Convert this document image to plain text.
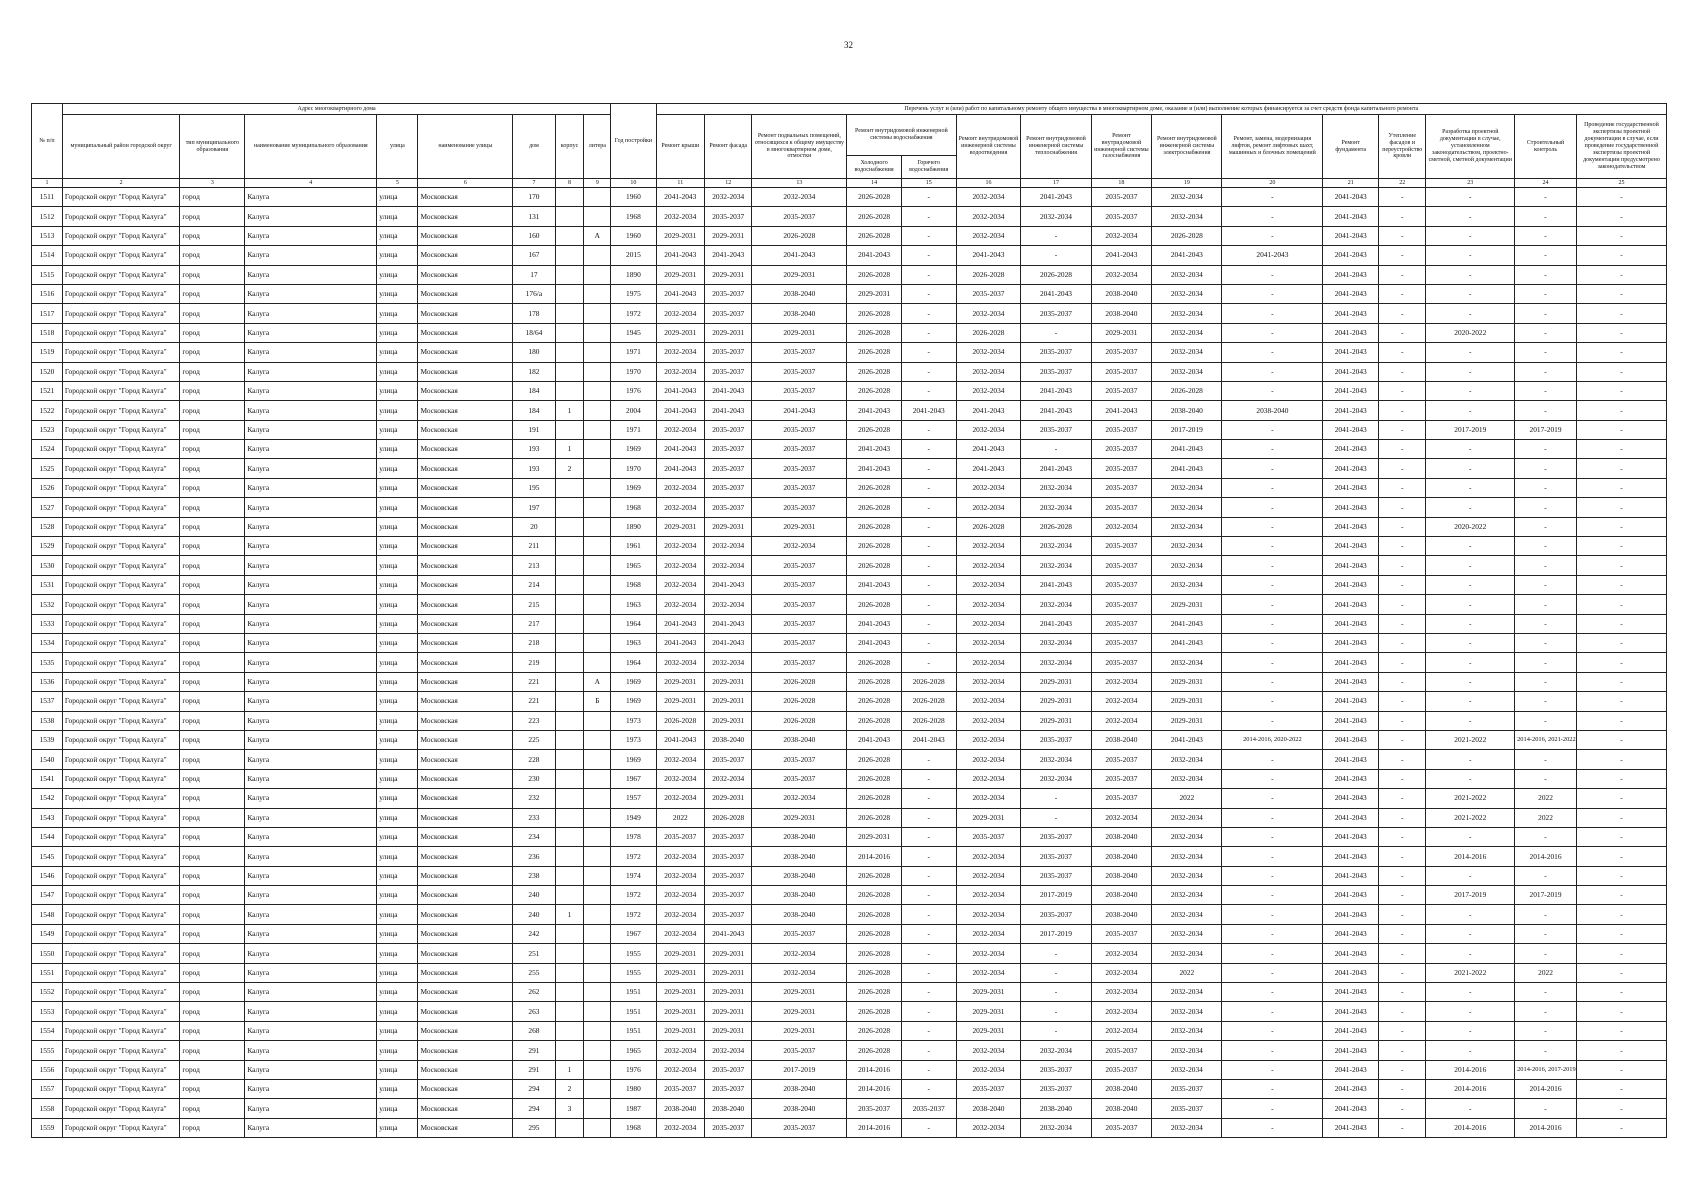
32
№ п/п	Адрес многоквартирного дома								Год постройки	Перечень услуг и (или) работ по капитальному ремонту общего имущества в многоквартирном доме, оказание и (или) выполнение которых финансируется за счет средств фонда капитального ремонта														
	муниципальный район городской округ	тип муниципального образования	наименование муниципального образования	улица	наименование улицы	дом	корпус	литера		Ремонт крыши	Ремонт фасада	Ремонт подвальных помещений, относящихся к общему имуществу в многоквартирном доме, отмостки	Ремонт внутридомовой инженерной системы водоснабжения		Ремонт внутридомовой инженерной системы водоотведения	Ремонт внутридомовой инженерной системы теплоснабжения	Ремонт внутридомовой инженерной системы газоснабжения	Ремонт внутридомовой инженерной системы электроснабжения	Ремонт, замена, модернизация лифтов, ремонт лифтовых шахт, машинных и блочных помещений	Ремонт фундамента	Утепление фасадов и переустройство кровли	Разработка проектной документации в случае, установленном законодательством, проектно-сметной, сметной документации	Строительный контроль	Проведение государственной экспертизы проектной документации в случае, если проведение государственной экспертизы проектной документации предусмотрено законодательством
													Холодного водоснабжения	Горячего водоснабжения										
1	2	3	4	5	6	7	8	9	10	11	12	13	14	15	16	17	18	19	20	21	22	23	24	25
1511	Городской округ "Город Калуга"	город	Калуга	улица	Московская	170			1960	2041-2043	2032-2034	2032-2034	2026-2028	-	2032-2034	2041-2043	2035-2037	2032-2034	-	2041-2043	-	-	-	-
1512	Городской округ "Город Калуга"	город	Калуга	улица	Московская	131			1968	2032-2034	2035-2037	2035-2037	2026-2028	-	2032-2034	2032-2034	2035-2037	2032-2034	-	2041-2043	-	-	-	-
1513	Городской округ "Город Калуга"	город	Калуга	улица	Московская	160		А	1960	2029-2031	2029-2031	2026-2028	2026-2028	-	2032-2034	-	2032-2034	2026-2028	-	2041-2043	-	-	-	-
1514	Городской округ "Город Калуга"	город	Калуга	улица	Московская	167			2015	2041-2043	2041-2043	2041-2043	2041-2043	-	2041-2043	-	2041-2043	2041-2043	2041-2043	2041-2043	-	-	-	-
1515	Городской округ "Город Калуга"	город	Калуга	улица	Московская	17			1890	2029-2031	2029-2031	2029-2031	2026-2028	-	2026-2028	2026-2028	2032-2034	2032-2034	-	2041-2043	-	-	-	-
1516	Городской округ "Город Калуга"	город	Калуга	улица	Московская	176/а			1975	2041-2043	2035-2037	2038-2040	2029-2031	-	2035-2037	2041-2043	2038-2040	2032-2034	-	2041-2043	-	-	-	-
1517	Городской округ "Город Калуга"	город	Калуга	улица	Московская	178			1972	2032-2034	2035-2037	2038-2040	2026-2028	-	2032-2034	2035-2037	2038-2040	2032-2034	-	2041-2043	-	-	-	-
1518	Городской округ "Город Калуга"	город	Калуга	улица	Московская	18/64			1945	2029-2031	2029-2031	2029-2031	2026-2028	-	2026-2028	-	2029-2031	2032-2034	-	2041-2043	-	2020-2022	-	-
1519	Городской округ "Город Калуга"	город	Калуга	улица	Московская	180			1971	2032-2034	2035-2037	2035-2037	2026-2028	-	2032-2034	2035-2037	2035-2037	2032-2034	-	2041-2043	-	-	-	-
1520	Городской округ "Город Калуга"	город	Калуга	улица	Московская	182			1970	2032-2034	2035-2037	2035-2037	2026-2028	-	2032-2034	2035-2037	2035-2037	2032-2034	-	2041-2043	-	-	-	-
1521	Городской округ "Город Калуга"	город	Калуга	улица	Московская	184			1976	2041-2043	2041-2043	2035-2037	2026-2028	-	2032-2034	2041-2043	2035-2037	2026-2028	-	2041-2043	-	-	-	-
1522	Городской округ "Город Калуга"	город	Калуга	улица	Московская	184	1		2004	2041-2043	2041-2043	2041-2043	2041-2043	2041-2043	2041-2043	2041-2043	2041-2043	2038-2040	2038-2040	2041-2043	-	-	-	-
1523	Городской округ "Город Калуга"	город	Калуга	улица	Московская	191			1971	2032-2034	2035-2037	2035-2037	2026-2028	-	2032-2034	2035-2037	2035-2037	2017-2019	-	2041-2043	-	2017-2019	2017-2019	-
1524	Городской округ "Город Калуга"	город	Калуга	улица	Московская	193	1		1969	2041-2043	2035-2037	2035-2037	2041-2043	-	2041-2043	-	2035-2037	2041-2043	-	2041-2043	-	-	-	-
1525	Городской округ "Город Калуга"	город	Калуга	улица	Московская	193	2		1970	2041-2043	2035-2037	2035-2037	2041-2043	-	2041-2043	2041-2043	2035-2037	2041-2043	-	2041-2043	-	-	-	-
1526	Городской округ "Город Калуга"	город	Калуга	улица	Московская	195			1969	2032-2034	2035-2037	2035-2037	2026-2028	-	2032-2034	2032-2034	2035-2037	2032-2034	-	2041-2043	-	-	-	-
1527	Городской округ "Город Калуга"	город	Калуга	улица	Московская	197			1968	2032-2034	2035-2037	2035-2037	2026-2028	-	2032-2034	2032-2034	2035-2037	2032-2034	-	2041-2043	-	-	-	-
1528	Городской округ "Город Калуга"	город	Калуга	улица	Московская	20			1890	2029-2031	2029-2031	2029-2031	2026-2028	-	2026-2028	2026-2028	2032-2034	2032-2034	-	2041-2043	-	2020-2022	-	-
1529	Городской округ "Город Калуга"	город	Калуга	улица	Московская	211			1961	2032-2034	2032-2034	2032-2034	2026-2028	-	2032-2034	2032-2034	2035-2037	2032-2034	-	2041-2043	-	-	-	-
1530	Городской округ "Город Калуга"	город	Калуга	улица	Московская	213			1965	2032-2034	2032-2034	2035-2037	2026-2028	-	2032-2034	2032-2034	2035-2037	2032-2034	-	2041-2043	-	-	-	-
1531	Городской округ "Город Калуга"	город	Калуга	улица	Московская	214			1968	2032-2034	2041-2043	2035-2037	2041-2043	-	2032-2034	2041-2043	2035-2037	2032-2034	-	2041-2043	-	-	-	-
1532	Городской округ "Город Калуга"	город	Калуга	улица	Московская	215			1963	2032-2034	2032-2034	2035-2037	2026-2028	-	2032-2034	2032-2034	2035-2037	2029-2031	-	2041-2043	-	-	-	-
1533	Городской округ "Город Калуга"	город	Калуга	улица	Московская	217			1964	2041-2043	2041-2043	2035-2037	2041-2043	-	2032-2034	2041-2043	2035-2037	2041-2043	-	2041-2043	-	-	-	-
1534	Городской округ "Город Калуга"	город	Калуга	улица	Московская	218			1963	2041-2043	2041-2043	2035-2037	2041-2043	-	2032-2034	2032-2034	2035-2037	2041-2043	-	2041-2043	-	-	-	-
1535	Городской округ "Город Калуга"	город	Калуга	улица	Московская	219			1964	2032-2034	2032-2034	2035-2037	2026-2028	-	2032-2034	2032-2034	2035-2037	2032-2034	-	2041-2043	-	-	-	-
1536	Городской округ "Город Калуга"	город	Калуга	улица	Московская	221		А	1969	2029-2031	2029-2031	2026-2028	2026-2028	2026-2028	2032-2034	2029-2031	2032-2034	2029-2031	-	2041-2043	-	-	-	-
1537	Городской округ "Город Калуга"	город	Калуга	улица	Московская	221		Б	1969	2029-2031	2029-2031	2026-2028	2026-2028	2026-2028	2032-2034	2029-2031	2032-2034	2029-2031	-	2041-2043	-	-	-	-
1538	Городской округ "Город Калуга"	город	Калуга	улица	Московская	223			1973	2026-2028	2029-2031	2026-2028	2026-2028	2026-2028	2032-2034	2029-2031	2032-2034	2029-2031	-	2041-2043	-	-	-	-
1539	Городской округ "Город Калуга"	город	Калуга	улица	Московская	225			1973	2041-2043	2038-2040	2038-2040	2041-2043	2041-2043	2032-2034	2035-2037	2038-2040	2041-2043	2014-2016, 2020-2022	2041-2043	-	2021-2022	2014-2016, 2021-2022	-
1540	Городской округ "Город Калуга"	город	Калуга	улица	Московская	228			1969	2032-2034	2035-2037	2035-2037	2026-2028	-	2032-2034	2032-2034	2035-2037	2032-2034	-	2041-2043	-	-	-	-
1541	Городской округ "Город Калуга"	город	Калуга	улица	Московская	230			1967	2032-2034	2032-2034	2035-2037	2026-2028	-	2032-2034	2032-2034	2035-2037	2032-2034	-	2041-2043	-	-	-	-
1542	Городской округ "Город Калуга"	город	Калуга	улица	Московская	232			1957	2032-2034	2029-2031	2032-2034	2026-2028	-	2032-2034	-	2035-2037	2022	-	2041-2043	-	2021-2022	2022	-
1543	Городской округ "Город Калуга"	город	Калуга	улица	Московская	233			1949	2022	2026-2028	2029-2031	2026-2028	-	2029-2031	-	2032-2034	2032-2034	-	2041-2043	-	2021-2022	2022	-
1544	Городской округ "Город Калуга"	город	Калуга	улица	Московская	234			1978	2035-2037	2035-2037	2038-2040	2029-2031	-	2035-2037	2035-2037	2038-2040	2032-2034	-	2041-2043	-	-	-	-
1545	Городской округ "Город Калуга"	город	Калуга	улица	Московская	236			1972	2032-2034	2035-2037	2038-2040	2014-2016	-	2032-2034	2035-2037	2038-2040	2032-2034	-	2041-2043	-	2014-2016	2014-2016	-
1546	Городской округ "Город Калуга"	город	Калуга	улица	Московская	238			1974	2032-2034	2035-2037	2038-2040	2026-2028	-	2032-2034	2035-2037	2038-2040	2032-2034	-	2041-2043	-	-	-	-
1547	Городской округ "Город Калуга"	город	Калуга	улица	Московская	240			1972	2032-2034	2035-2037	2038-2040	2026-2028	-	2032-2034	2017-2019	2038-2040	2032-2034	-	2041-2043	-	2017-2019	2017-2019	-
1548	Городской округ "Город Калуга"	город	Калуга	улица	Московская	240	1		1972	2032-2034	2035-2037	2038-2040	2026-2028	-	2032-2034	2035-2037	2038-2040	2032-2034	-	2041-2043	-	-	-	-
1549	Городской округ "Город Калуга"	город	Калуга	улица	Московская	242			1967	2032-2034	2041-2043	2035-2037	2026-2028	-	2032-2034	2017-2019	2035-2037	2032-2034	-	2041-2043	-	-	-	-
1550	Городской округ "Город Калуга"	город	Калуга	улица	Московская	251			1955	2029-2031	2029-2031	2032-2034	2026-2028	-	2032-2034	-	2032-2034	2032-2034	-	2041-2043	-	-	-	-
1551	Городской округ "Город Калуга"	город	Калуга	улица	Московская	255			1955	2029-2031	2029-2031	2032-2034	2026-2028	-	2032-2034	-	2032-2034	2022	-	2041-2043	-	2021-2022	2022	-
1552	Городской округ "Город Калуга"	город	Калуга	улица	Московская	262			1951	2029-2031	2029-2031	2029-2031	2026-2028	-	2029-2031	-	2032-2034	2032-2034	-	2041-2043	-	-	-	-
1553	Городской округ "Город Калуга"	город	Калуга	улица	Московская	263			1951	2029-2031	2029-2031	2029-2031	2026-2028	-	2029-2031	-	2032-2034	2032-2034	-	2041-2043	-	-	-	-
1554	Городской округ "Город Калуга"	город	Калуга	улица	Московская	268			1951	2029-2031	2029-2031	2029-2031	2026-2028	-	2029-2031	-	2032-2034	2032-2034	-	2041-2043	-	-	-	-
1555	Городской округ "Город Калуга"	город	Калуга	улица	Московская	291			1965	2032-2034	2032-2034	2035-2037	2026-2028	-	2032-2034	2032-2034	2035-2037	2032-2034	-	2041-2043	-	-	-	-
1556	Городской округ "Город Калуга"	город	Калуга	улица	Московская	291	1		1976	2032-2034	2035-2037	2017-2019	2014-2016	-	2032-2034	2035-2037	2035-2037	2032-2034	-	2041-2043	-	2014-2016	2014-2016, 2017-2019	-
1557	Городской округ "Город Калуга"	город	Калуга	улица	Московская	294	2		1980	2035-2037	2035-2037	2038-2040	2014-2016	-	2035-2037	2035-2037	2038-2040	2035-2037	-	2041-2043	-	2014-2016	2014-2016	-
1558	Городской округ "Город Калуга"	город	Калуга	улица	Московская	294	3		1987	2038-2040	2038-2040	2038-2040	2035-2037	2035-2037	2038-2040	2038-2040	2038-2040	2035-2037	-	2041-2043	-	-	-	-
1559	Городской округ "Город Калуга"	город	Калуга	улица	Московская	295			1968	2032-2034	2035-2037	2035-2037	2014-2016	-	2032-2034	2032-2034	2035-2037	2032-2034	-	2041-2043	-	2014-2016	2014-2016	-
